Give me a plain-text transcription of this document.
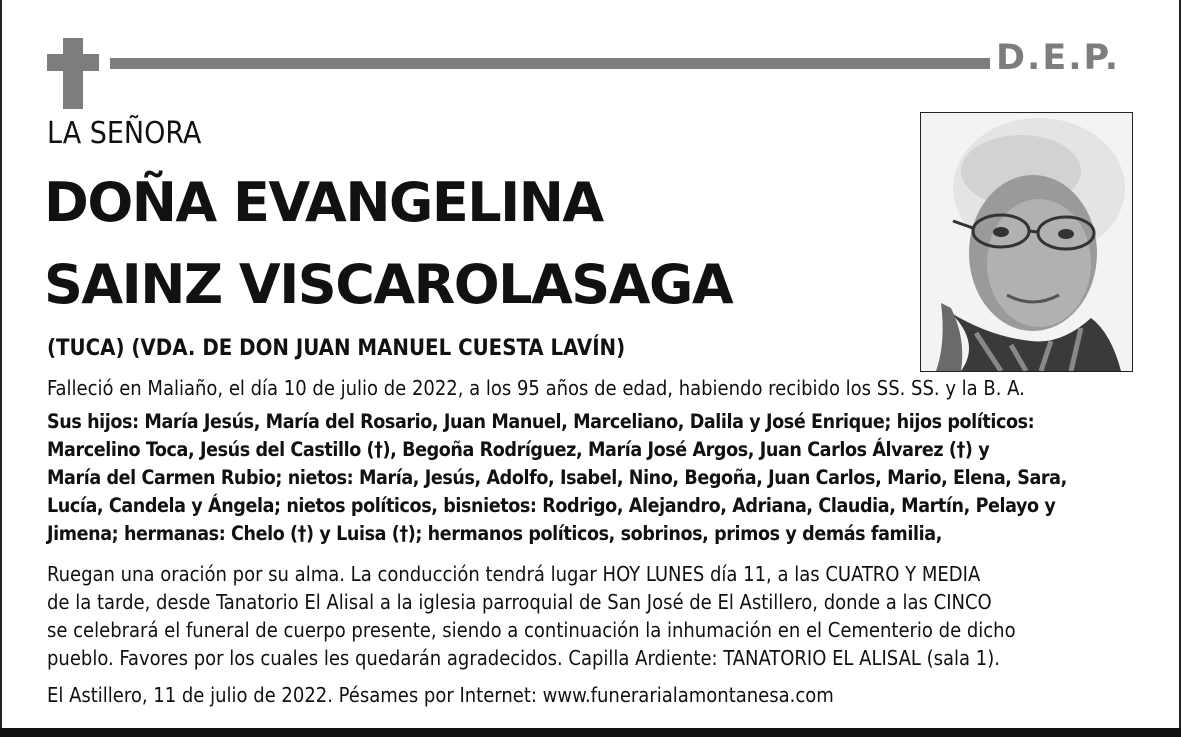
D.E.P.
LA SEÑORA
DOÑA EVANGELINA
SAINZ VISCAROLASAGA
(TUCA) (VDA. DE DON JUAN MANUEL CUESTA LAVÍN)
Falleció en Maliaño, el día 10 de julio de 2022, a los 95 años de edad, habiendo recibido los SS. SS. y la B. A.
Sus hijos: María Jesús, María del Rosario, Juan Manuel, Marceliano, Dalila y José Enrique; hijos políticos:
Marcelino Toca, Jesús del Castillo (†), Begoña Rodríguez, María José Argos, Juan Carlos Álvarez (†) y
María del Carmen Rubio; nietos: María, Jesús, Adolfo, Isabel, Nino, Begoña, Juan Carlos, Mario, Elena, Sara,
Lucía, Candela y Ángela; nietos políticos, bisnietos: Rodrigo, Alejandro, Adriana, Claudia, Martín, Pelayo y
Jimena; hermanas: Chelo (†) y Luisa (†); hermanos políticos, sobrinos, primos y demás familia,
Ruegan una oración por su alma. La conducción tendrá lugar HOY LUNES día 11, a las CUATRO Y MEDIA
de la tarde, desde Tanatorio El Alisal a la iglesia parroquial de San José de El Astillero, donde a las CINCO
se celebrará el funeral de cuerpo presente, siendo a continuación la inhumación en el Cementerio de dicho
pueblo. Favores por los cuales les quedarán agradecidos. Capilla Ardiente: TANATORIO EL ALISAL (sala 1).
El Astillero, 11 de julio de 2022. Pésames por Internet: www.funerarialamontanesa.com
